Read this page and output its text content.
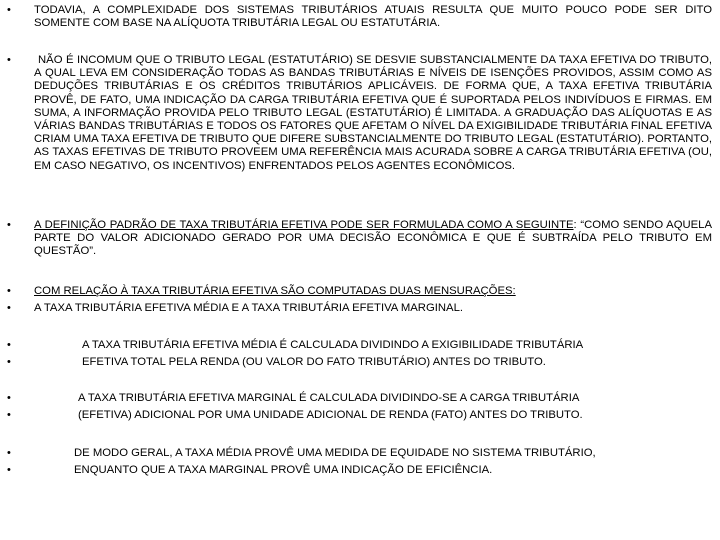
•	TODAVIA, A COMPLEXIDADE DOS SISTEMAS TRIBUTÁRIOS ATUAIS RESULTA QUE MUITO POUCO PODE SER DITO SOMENTE COM BASE NA ALÍQUOTA TRIBUTÁRIA LEGAL OU ESTATUTÁRIA.
•	NÃO É INCOMUM QUE O TRIBUTO LEGAL (ESTATUTÁRIO) SE DESVIE SUBSTANCIALMENTE DA TAXA EFETIVA DO TRIBUTO, A QUAL LEVA EM CONSIDERAÇÃO TODAS AS BANDAS TRIBUTÁRIAS E NÍVEIS DE ISENÇÕES PROVIDOS, ASSIM COMO AS DEDUÇÕES TRIBUTÁRIAS E OS CRÉDITOS TRIBUTÁRIOS APLICÁVEIS. DE FORMA QUE, A TAXA EFETIVA TRIBUTÁRIA PROVÊ, DE FATO, UMA INDICAÇÃO DA CARGA TRIBUTÁRIA EFETIVA QUE É SUPORTADA PELOS INDIVÍDUOS E FIRMAS. EM SUMA, A INFORMAÇÃO PROVIDA PELO TRIBUTO LEGAL (ESTATUTÁRIO) É LIMITADA. A GRADUAÇÃO DAS ALÍQUOTAS E AS VÁRIAS BANDAS TRIBUTÁRIAS E TODOS OS FATORES QUE AFETAM O NÍVEL DA EXIGIBILIDADE TRIBUTÁRIA FINAL EFETIVA CRIAM UMA TAXA EFETIVA DE TRIBUTO QUE DIFERE SUBSTANCIALMENTE DO TRIBUTO LEGAL (ESTATUTÁRIO). PORTANTO, AS TAXAS EFETIVAS DE TRIBUTO PROVEEM UMA REFERÊNCIA MAIS ACURADA SOBRE A CARGA TRIBUTÁRIA EFETIVA (OU, EM CASO NEGATIVO, OS INCENTIVOS) ENFRENTADOS PELOS AGENTES ECONÔMICOS.
•	A DEFINIÇÃO PADRÃO DE TAXA TRIBUTÁRIA EFETIVA PODE SER FORMULADA COMO A SEGUINTE: “COMO SENDO AQUELA PARTE DO VALOR ADICIONADO GERADO POR UMA DECISÃO ECONÔMICA E QUE É SUBTRAÍDA PELO TRIBUTO EM QUESTÃO”.
•	COM RELAÇÃO À TAXA TRIBUTÁRIA EFETIVA SÃO COMPUTADAS DUAS MENSURAÇÕES:
•	A TAXA TRIBUTÁRIA EFETIVA MÉDIA E A TAXA TRIBUTÁRIA EFETIVA MARGINAL.
•	A TAXA TRIBUTÁRIA EFETIVA MÉDIA É CALCULADA DIVIDINDO A EXIGIBILIDADE TRIBUTÁRIA
•	EFETIVA TOTAL PELA RENDA (OU VALOR DO FATO TRIBUTÁRIO) ANTES DO TRIBUTO.
•	A TAXA TRIBUTÁRIA EFETIVA MARGINAL É CALCULADA DIVIDINDO-SE A CARGA TRIBUTÁRIA
•	(EFETIVA) ADICIONAL POR UMA UNIDADE ADICIONAL DE RENDA (FATO) ANTES DO TRIBUTO.
•	DE MODO GERAL, A TAXA MÉDIA PROVÊ UMA MEDIDA DE EQUIDADE NO SISTEMA TRIBUTÁRIO,
•	ENQUANTO QUE A TAXA MARGINAL PROVÊ UMA INDICAÇÃO DE EFICIÊNCIA.
